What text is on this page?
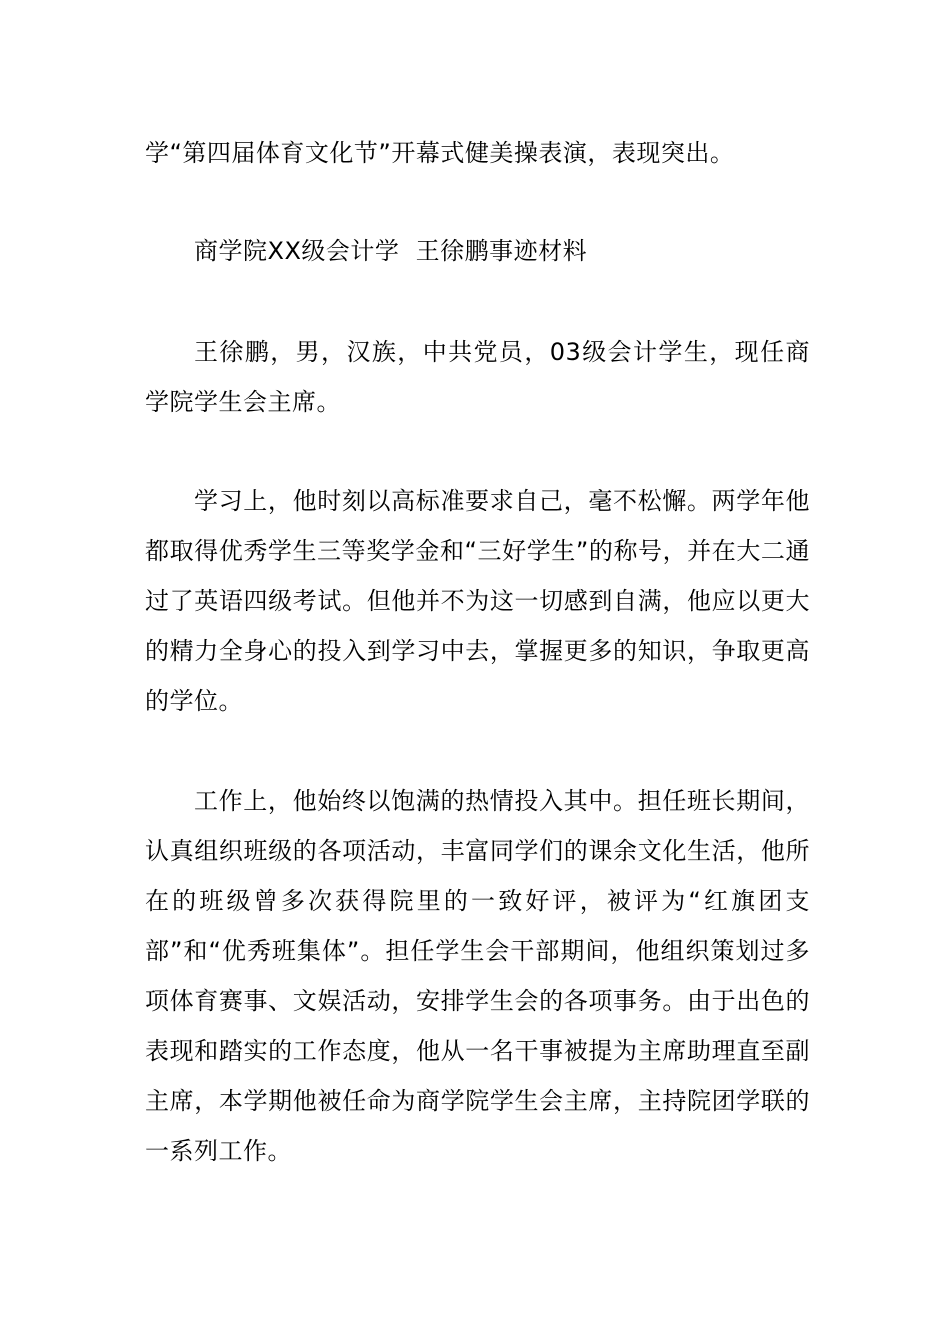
学“第四届体育文化节”开幕式健美操表演，表现突出。

商学院XX级会计学  王徐鹏事迹材料

王徐鹏，男，汉族，中共党员，03级会计学生，现任商学院学生会主席。

学习上，他时刻以高标准要求自己，毫不松懈。两学年他都取得优秀学生三等奖学金和“三好学生”的称号，并在大二通过了英语四级考试。但他并不为这一切感到自满，他应以更大的精力全身心的投入到学习中去，掌握更多的知识，争取更高的学位。

工作上，他始终以饱满的热情投入其中。担任班长期间，认真组织班级的各项活动，丰富同学们的课余文化生活，他所在的班级曾多次获得院里的一致好评，被评为“红旗团支部”和“优秀班集体”。担任学生会干部期间，他组织策划过多项体育赛事、文娱活动，安排学生会的各项事务。由于出色的表现和踏实的工作态度，他从一名干事被提为主席助理直至副主席，本学期他被任命为商学院学生会主席，主持院团学联的一系列工作。
